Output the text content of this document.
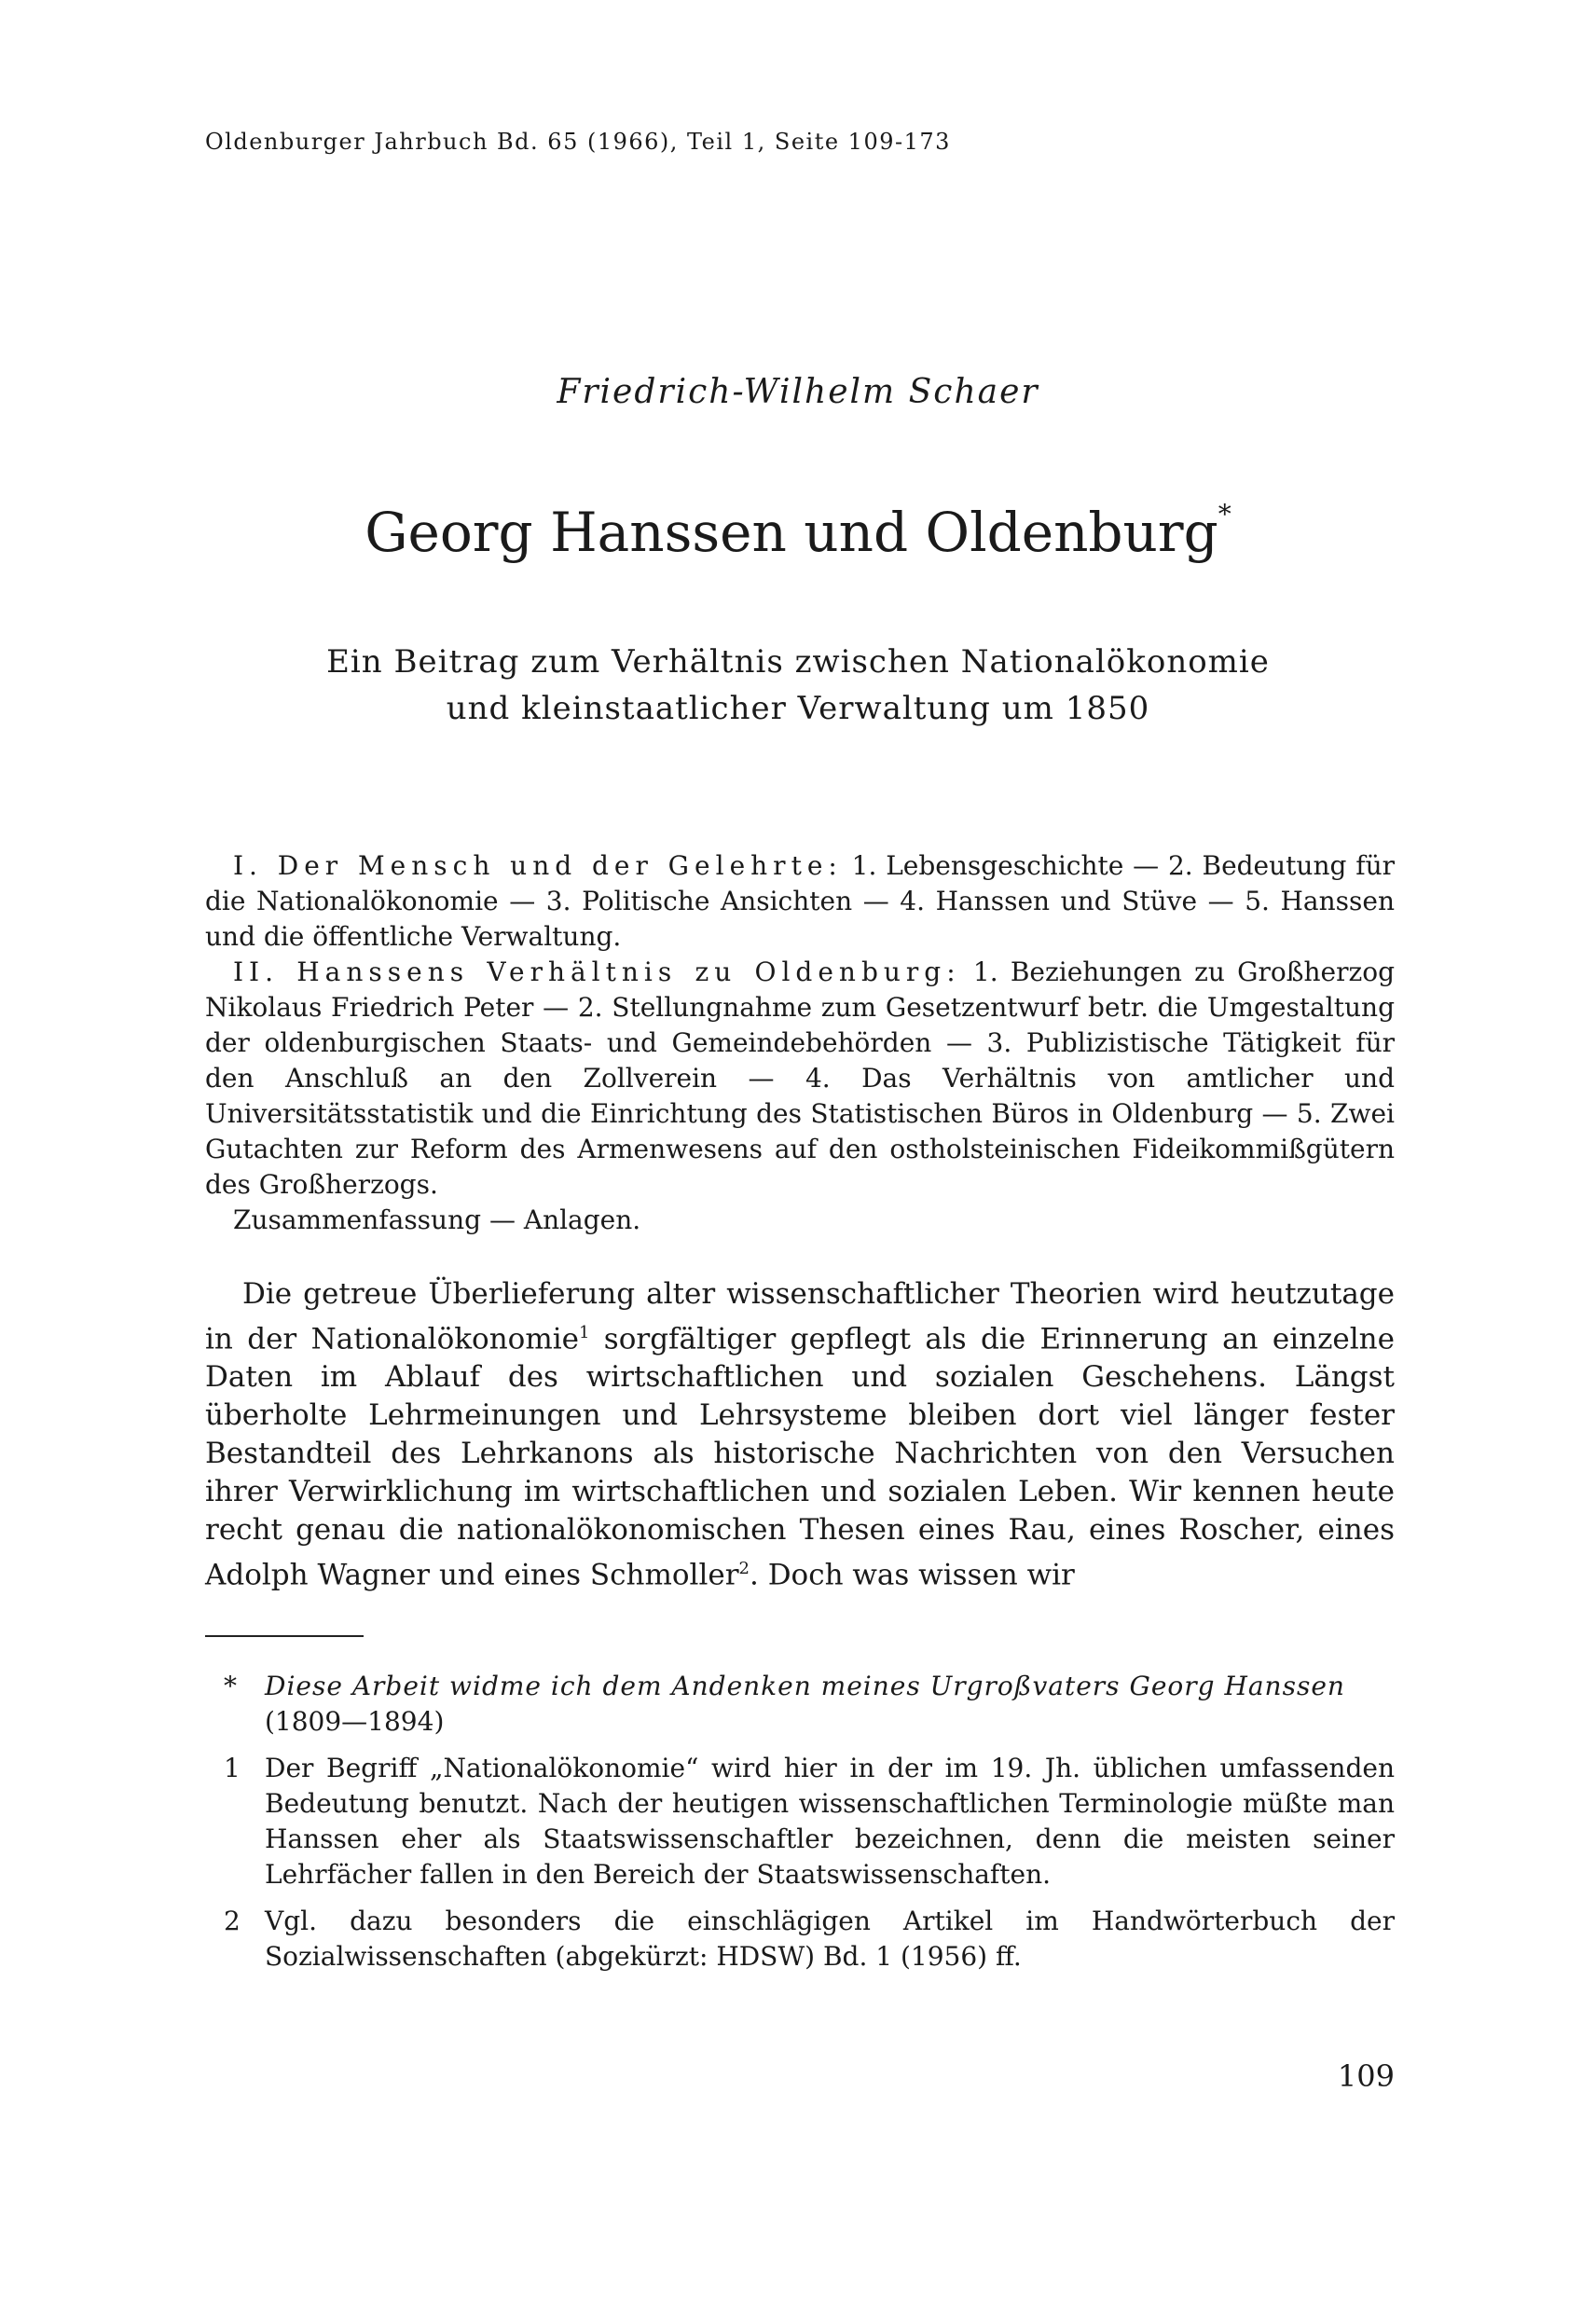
Oldenburger Jahrbuch Bd. 65 (1966), Teil 1, Seite 109-173
Friedrich-Wilhelm Schaer
Georg Hanssen und Oldenburg*
Ein Beitrag zum Verhältnis zwischen Nationalökonomie
und kleinstaatlicher Verwaltung um 1850

I. Der Mensch und der Gelehrte: 1. Lebensgeschichte — 2. Bedeutung für die Nationalökonomie — 3. Politische Ansichten — 4. Hanssen und Stüve — 5. Hanssen und die öffentliche Verwaltung.

II. Hanssens Verhältnis zu Oldenburg: 1. Beziehungen zu Großherzog Nikolaus Friedrich Peter — 2. Stellungnahme zum Gesetzentwurf betr. die Umgestaltung der oldenburgischen Staats- und Gemeindebehörden — 3. Publizistische Tätigkeit für den Anschluß an den Zollverein — 4. Das Verhältnis von amtlicher und Universitätsstatistik und die Einrichtung des Statistischen Büros in Oldenburg — 5. Zwei Gutachten zur Reform des Armenwesens auf den ostholsteinischen Fideikommißgütern des Großherzogs.

Zusammenfassung — Anlagen.

Die getreue Überlieferung alter wissenschaftlicher Theorien wird heutzutage in der Nationalökonomie$^1$ sorgfältiger gepflegt als die Erinnerung an einzelne Daten im Ablauf des wirtschaftlichen und sozialen Geschehens. Längst überholte Lehrmeinungen und Lehrsysteme bleiben dort viel länger fester Bestandteil des Lehrkanons als historische Nachrichten von den Versuchen ihrer Verwirklichung im wirtschaftlichen und sozialen Leben. Wir kennen heute recht genau die nationalökonomischen Thesen eines Rau, eines Roscher, eines Adolph Wagner und eines Schmoller$^2$. Doch was wissen wir

* Diese Arbeit widme ich dem Andenken meines Urgroßvaters Georg Hanssen
(1809—1894)
1 Der Begriff „Nationalökonomie“ wird hier in der im 19. Jh. üblichen umfassenden Bedeutung benutzt. Nach der heutigen wissenschaftlichen Terminologie müßte man Hanssen eher als Staatswissenschaftler bezeichnen, denn die meisten seiner Lehrfächer fallen in den Bereich der Staatswissenschaften.
2 Vgl. dazu besonders die einschlägigen Artikel im Handwörterbuch der Sozialwissenschaften (abgekürzt: HDSW) Bd. 1 (1956) ff.
109
